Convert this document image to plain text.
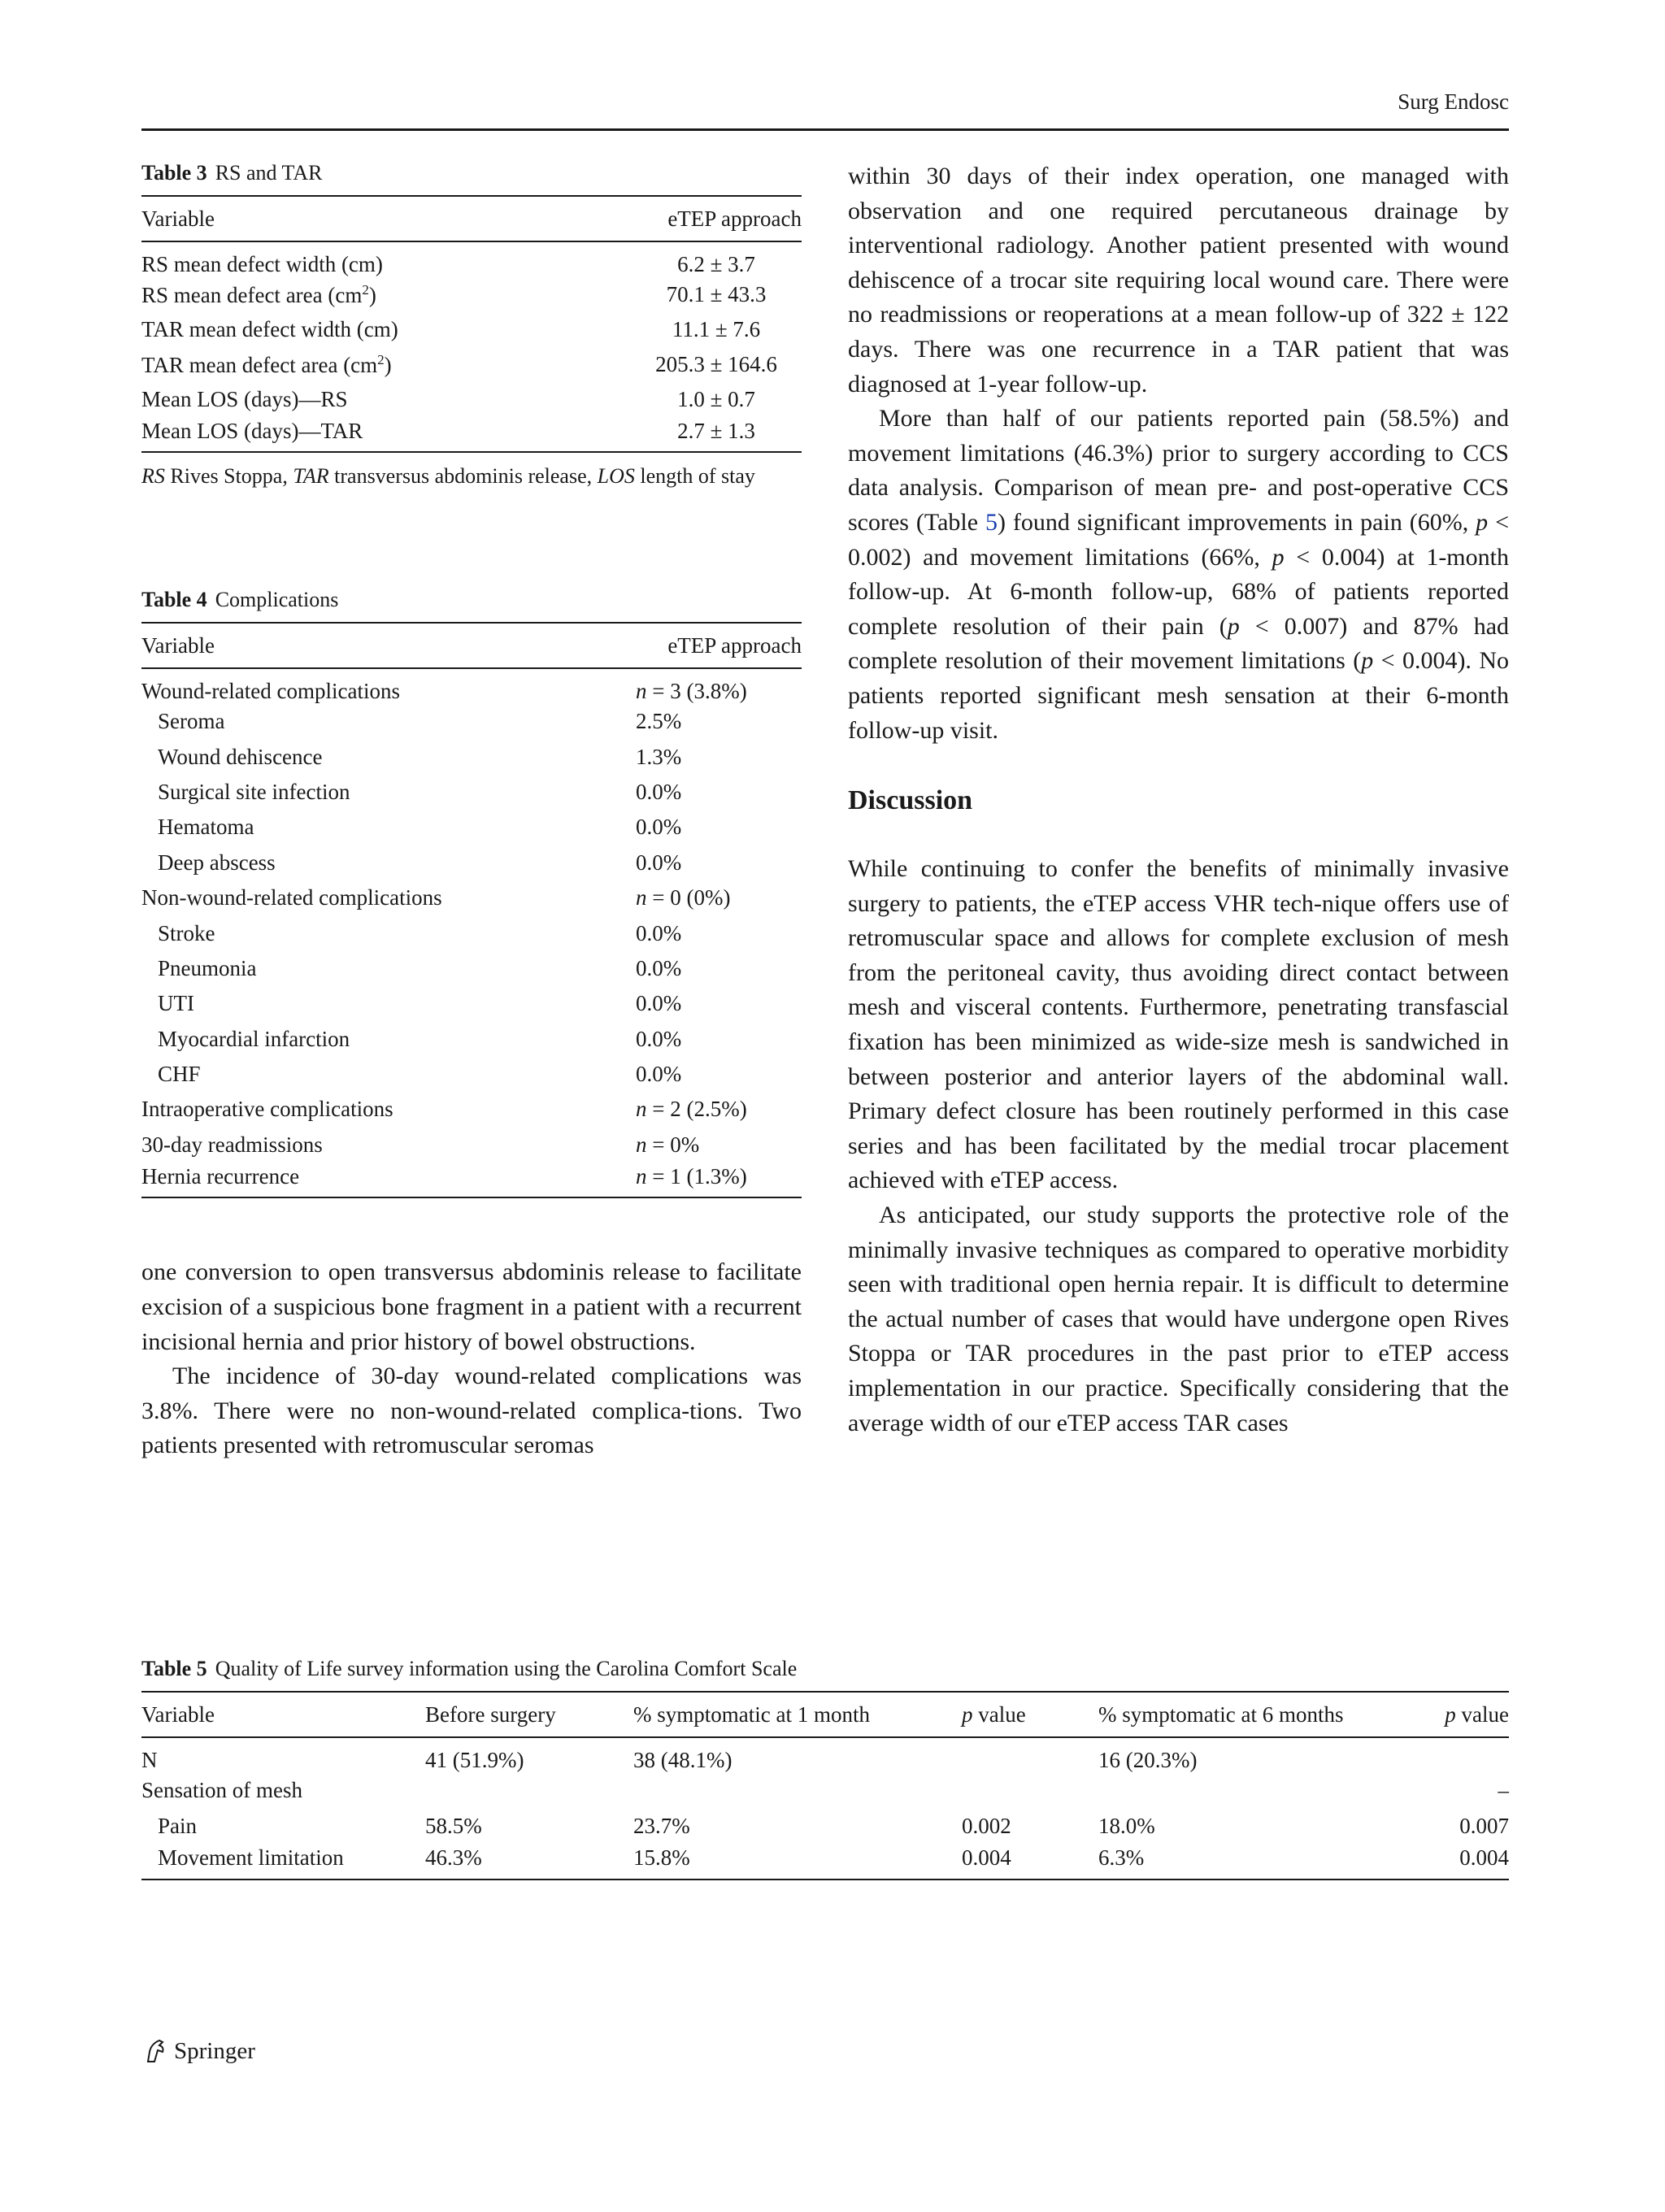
Surg Endosc
Table 3 RS and TAR
Variable	eTEP approach
RS mean defect width (cm)	6.2 ± 3.7
RS mean defect area $(cm^2)$	70.1 ± 43.3
TAR mean defect width (cm)	11.1 ± 7.6
TAR mean defect area $(cm^2)$	205.3 ± 164.6
Mean LOS (days)—RS	1.0 ± 0.7
Mean LOS (days)—TAR	2.7 ± 1.3
RS Rives Stoppa, TAR transversus abdominis release, LOS length of stay
Table 4 Complications
Variable	eTEP approach
Wound-related complications	n = 3 (3.8%)
Seroma	2.5%
Wound dehiscence	1.3%
Surgical site infection	0.0%
Hematoma	0.0%
Deep abscess	0.0%
Non-wound-related complications	n = 0 (0%)
Stroke	0.0%
Pneumonia	0.0%
UTI	0.0%
Myocardial infarction	0.0%
CHF	0.0%
Intraoperative complications	n = 2 (2.5%)
30-day readmissions	n = 0%
Hernia recurrence	n = 1 (1.3%)

one conversion to open transversus abdominis release to facilitate excision of a suspicious bone fragment in a patient with a recurrent incisional hernia and prior history of bowel obstructions.

The incidence of 30-day wound-related complications was 3.8%. There were no non-wound-related complica-tions. Two patients presented with retromuscular seromas

within 30 days of their index operation, one managed with observation and one required percutaneous drainage by interventional radiology. Another patient presented with wound dehiscence of a trocar site requiring local wound care. There were no readmissions or reoperations at a mean follow-up of 322 ± 122 days. There was one recurrence in a TAR patient that was diagnosed at 1-year follow-up.

More than half of our patients reported pain (58.5%) and movement limitations (46.3%) prior to surgery according to CCS data analysis. Comparison of mean pre- and post-operative CCS scores (Table 5) found significant improvements in pain (60%, p < 0.002) and movement limitations (66%, p < 0.004) at 1-month follow-up. At 6-month follow-up, 68% of patients reported complete resolution of their pain (p < 0.007) and 87% had complete resolution of their movement limitations (p < 0.004). No patients reported significant mesh sensation at their 6-month follow-up visit.

Discussion

While continuing to confer the benefits of minimally invasive surgery to patients, the eTEP access VHR tech-nique offers use of retromuscular space and allows for complete exclusion of mesh from the peritoneal cavity, thus avoiding direct contact between mesh and visceral contents. Furthermore, penetrating transfascial fixation has been minimized as wide-size mesh is sandwiched in between posterior and anterior layers of the abdominal wall. Primary defect closure has been routinely performed in this case series and has been facilitated by the medial trocar placement achieved with eTEP access.

As anticipated, our study supports the protective role of the minimally invasive techniques as compared to operative morbidity seen with traditional open hernia repair. It is difficult to determine the actual number of cases that would have undergone open Rives Stoppa or TAR procedures in the past prior to eTEP access implementation in our practice. Specifically considering that the average width of our eTEP access TAR cases

Table 5 Quality of Life survey information using the Carolina Comfort Scale
Variable	Before surgery	% symptomatic at 1 month	p value	% symptomatic at 6 months	p value
N	41 (51.9%)	38 (48.1%)		16 (20.3%)	
Sensation of mesh					–
Pain	58.5%	23.7%	0.002	18.0%	0.007
Movement limitation	46.3%	15.8%	0.004	6.3%	0.004
Springer
